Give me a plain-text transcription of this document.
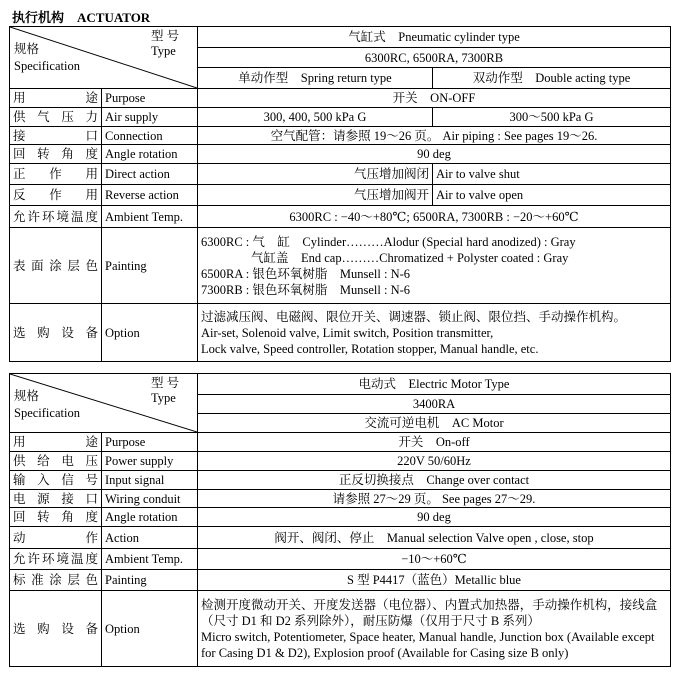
执行机构　ACTUATOR
型 号
Type
规格
Specification		气缸式　Pneumatic cylinder type	
		6300RC, 6500RA, 7300RB	
		单动作型　Spring return type	双动作型　Double acting type
用途	Purpose	开关　ON-OFF	
供气压力	Air supply	300, 400, 500 kPa G	300～500 kPa G
接口	Connection	空气配管：请参照 19～26 页。 Air piping : See pages 19～26.	
回转角度	Angle rotation	90 deg	
正作用	Direct action	气压增加阀闭	Air to valve shut
反作用	Reverse action	气压增加阀开	Air to valve open
允许环境温度	Ambient Temp.	6300RC : −40～+80℃; 6500RA, 7300RB : −20～+60℃	
表面涂层色	Painting	6300RC : 气　缸　Cylinder………Alodur (Special hard anodized) : Gray
　　　　气缸盖　End cap………Chromatized + Polyster coated : Gray
6500RA : 银色环氧树脂　Munsell : N-6
7300RB : 银色环氧树脂　Munsell : N-6	

选购设备	Option	过滤减压阀、电磁阀、限位开关、调速器、锁止阀、限位挡、手动操作机构。
Air-set, Solenoid valve, Limit switch, Position transmitter,
Lock valve, Speed controller, Rotation stopper, Manual handle, etc.	
型 号
Type
规格
Specification		电动式　Electric Motor Type
		3400RA
		交流可逆电机　AC Motor
用途	Purpose	开关　On-off
供给电压	Power supply	220V 50/60Hz
输入信号	Input signal	正反切换接点　Change over contact
电源接口	Wiring conduit	请参照 27～29 页。 See pages 27～29.
回转角度	Angle rotation	90 deg
动作	Action	阀开、阀闭、停止　Manual selection Valve open , close, stop
允许环境温度	Ambient Temp.	−10～+60℃
标准涂层色	Painting	S 型 P4417（蓝色）Metallic blue
选购设备	Option	检测开度微动开关、开度发送器（电位器）、内置式加热器，手动操作机构，接线盒（尺寸 D1 和 D2 系列除外），耐压防爆（仅用于尺寸 B 系列）
Micro switch, Potentiometer, Space heater, Manual handle, Junction box (Available except for Casing D1 & D2), Explosion proof (Available for Casing size B only)
